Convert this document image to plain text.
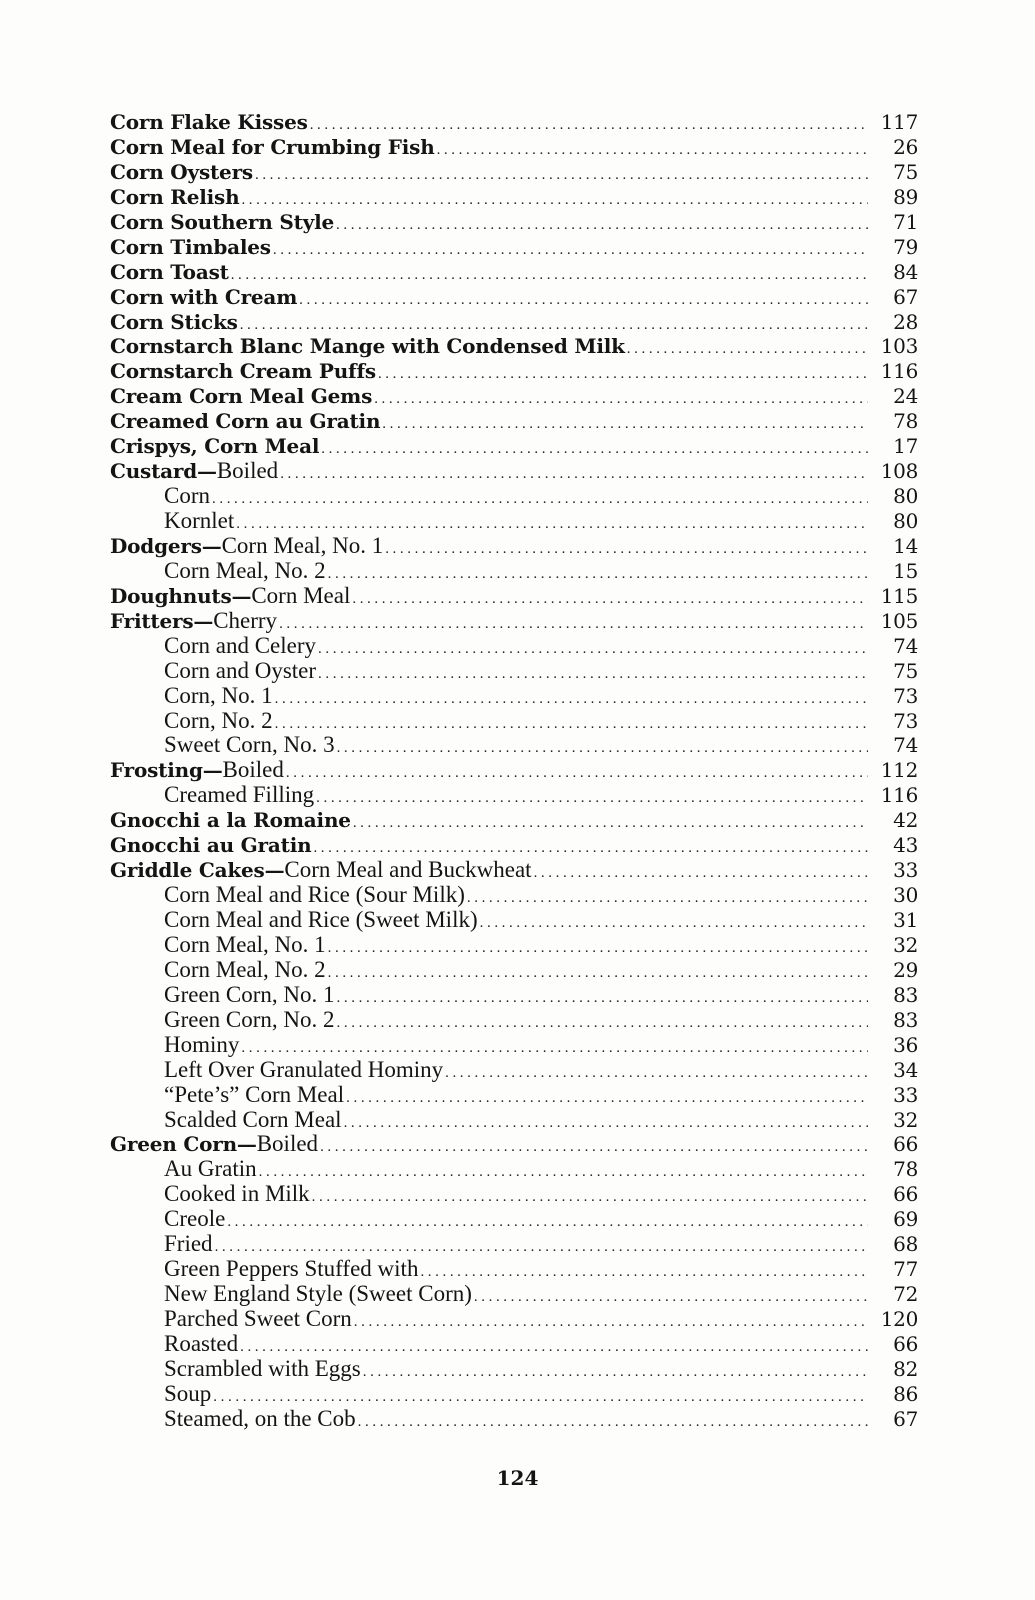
Corn Flake Kisses .....	117
Corn Meal for Crumbing Fish .....	26
Corn Oysters .....	75
Corn Relish .....	89
Corn Southern Style .....	71
Corn Timbales .....	79
Corn Toast .....	84
Corn with Cream .....	67
Corn Sticks .....	28
Cornstarch Blanc Mange with Condensed Milk .....	103
Cornstarch Cream Puffs .....	116
Cream Corn Meal Gems .....	24
Creamed Corn au Gratin .....	78
Crispys, Corn Meal .....	17
Custard— Boiled .....	108
Corn .....	80
Kornlet .....	80
Dodgers— Corn Meal, No. 1 .....	14
Corn Meal, No. 2 .....	15
Doughnuts— Corn Meal .....	115
Fritters— Cherry .....	105
Corn and Celery .....	74
Corn and Oyster .....	75
Corn, No. 1 .....	73
Corn, No. 2 .....	73
Sweet Corn, No. 3 .....	74
Frosting— Boiled .....	112
Creamed Filling .....	116
Gnocchi a la Romaine .....	42
Gnocchi au Gratin .....	43
Griddle Cakes— Corn Meal and Buckwheat .....	33
Corn Meal and Rice (Sour Milk) .....	30
Corn Meal and Rice (Sweet Milk) .....	31
Corn Meal, No. 1 .....	32
Corn Meal, No. 2 .....	29
Green Corn, No. 1 .....	83
Green Corn, No. 2 .....	83
Hominy .....	36
Left Over Granulated Hominy .....	34
“Pete’s” Corn Meal .....	33
Scalded Corn Meal .....	32
Green Corn— Boiled .....	66
Au Gratin .....	78
Cooked in Milk .....	66
Creole .....	69
Fried .....	68
Green Peppers Stuffed with .....	77
New England Style (Sweet Corn) .....	72
Parched Sweet Corn .....	120
Roasted .....	66
Scrambled with Eggs .....	82
Soup .....	86
Steamed, on the Cob .....	67
124
